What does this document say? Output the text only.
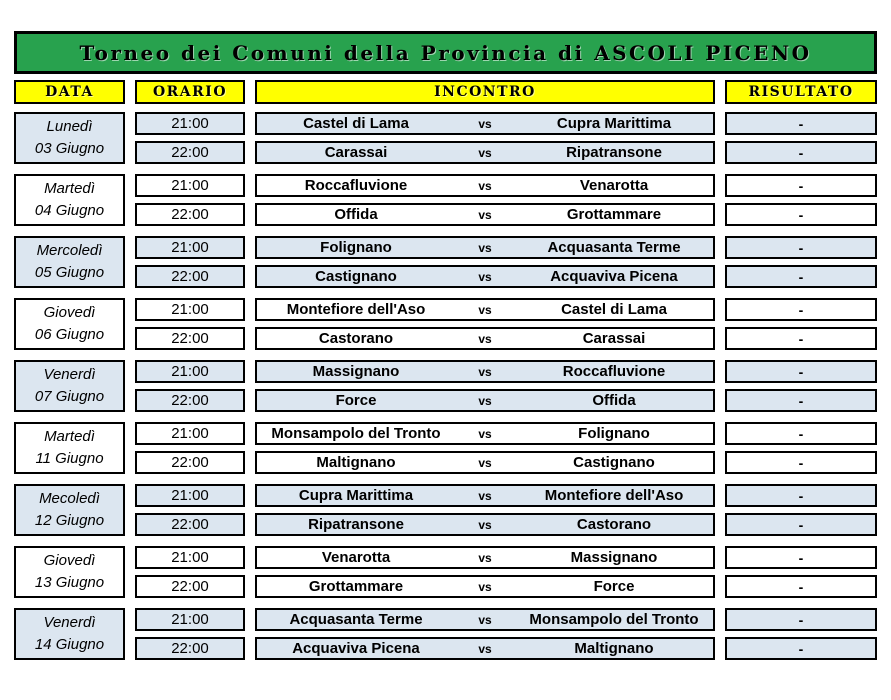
Torneo dei Comuni della Provincia di ASCOLI PICENO
DATA	ORARIO	INCONTRO	RISULTATO
Lunedì
03 Giugno
21:00	Castel di Lama	vs	Cupra Marittima	-
22:00	Carassai	vs	Ripatransone	-
Martedì
04 Giugno
21:00	Roccafluvione	vs	Venarotta	-
22:00	Offida	vs	Grottammare	-
Mercoledì
05 Giugno
21:00	Folignano	vs	Acquasanta Terme	-
22:00	Castignano	vs	Acquaviva Picena	-
Giovedì
06 Giugno
21:00	Montefiore dell'Aso	vs	Castel di Lama	-
22:00	Castorano	vs	Carassai	-
Venerdì
07 Giugno
21:00	Massignano	vs	Roccafluvione	-
22:00	Force	vs	Offida	-
Martedì
11 Giugno
21:00	Monsampolo del Tronto	vs	Folignano	-
22:00	Maltignano	vs	Castignano	-
Mecoledì
12 Giugno
21:00	Cupra Marittima	vs	Montefiore dell'Aso	-
22:00	Ripatransone	vs	Castorano	-
Giovedì
13 Giugno
21:00	Venarotta	vs	Massignano	-
22:00	Grottammare	vs	Force	-
Venerdì
14 Giugno
21:00	Acquasanta Terme	vs	Monsampolo del Tronto	-
22:00	Acquaviva Picena	vs	Maltignano	-
